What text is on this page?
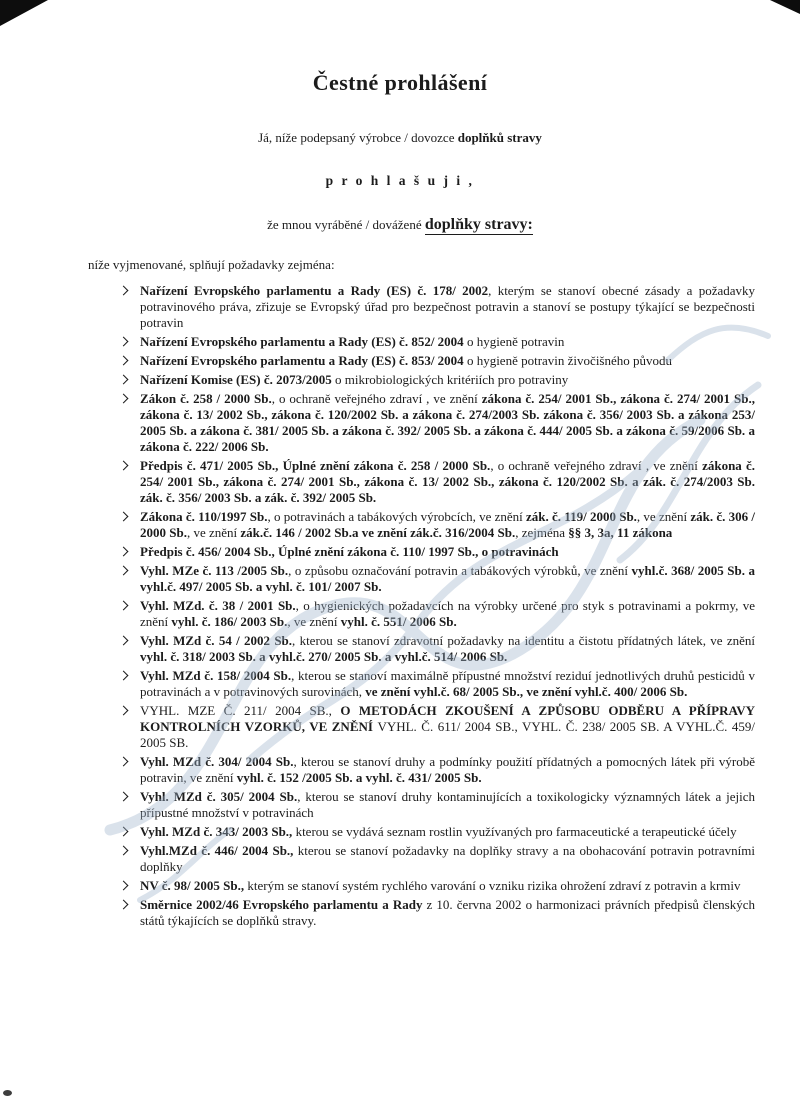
Čestné prohlášení

Já, níže podepsaný výrobce / dovozce doplňků stravy

p r o h l a š u j i ,

že mnou vyráběné / dovážené doplňky stravy:

níže vyjmenované, splňují požadavky zejména:

Nařízení Evropského parlamentu a Rady (ES) č. 178/ 2002, kterým se stanoví obecné zásady a požadavky potravinového práva, zřizuje se Evropský úřad pro bezpečnost potravin a stanoví se postupy týkající se bezpečnosti potravin
Nařízení Evropského parlamentu a Rady (ES) č. 852/ 2004 o hygieně potravin
Nařízení Evropského parlamentu a Rady (ES) č. 853/ 2004 o hygieně potravin živočišného původu
Nařízení Komise (ES) č. 2073/2005 o mikrobiologických kritériích pro potraviny
Zákon č. 258 / 2000 Sb., o ochraně veřejného zdraví , ve znění zákona č. 254/ 2001 Sb., zákona č. 274/ 2001 Sb., zákona č. 13/ 2002 Sb., zákona č. 120/2002 Sb. a zákona č. 274/2003 Sb. zákona č. 356/ 2003 Sb. a zákona 253/ 2005 Sb. a zákona č. 381/ 2005 Sb. a zákona č. 392/ 2005 Sb. a zákona č. 444/ 2005 Sb. a zákona č. 59/2006 Sb. a zákona č. 222/ 2006 Sb.
Předpis č. 471/ 2005 Sb., Úplné znění zákona č. 258 / 2000 Sb., o ochraně veřejného zdraví , ve znění zákona č. 254/ 2001 Sb., zákona č. 274/ 2001 Sb., zákona č. 13/ 2002 Sb., zákona č. 120/2002 Sb. a zák. č. 274/2003 Sb. zák. č. 356/ 2003 Sb. a zák. č. 392/ 2005 Sb.
Zákona č. 110/1997 Sb., o potravinách a tabákových výrobcích, ve znění zák. č. 119/ 2000 Sb., ve znění zák. č. 306 / 2000 Sb., ve znění zák.č. 146 / 2002 Sb.a ve znění zák.č. 316/2004 Sb., zejména §§ 3, 3a, 11 zákona
Předpis č. 456/ 2004 Sb., Úplné znění zákona č. 110/ 1997 Sb., o potravinách
Vyhl. MZe č. 113 /2005 Sb., o způsobu označování potravin a tabákových výrobků, ve znění vyhl.č. 368/ 2005 Sb. a vyhl.č. 497/ 2005 Sb. a vyhl. č. 101/ 2007 Sb.
Vyhl. MZd. č. 38 / 2001 Sb., o hygienických požadavcích na výrobky určené pro styk s potravinami a pokrmy, ve znění vyhl. č. 186/ 2003 Sb., ve znění vyhl. č. 551/ 2006 Sb.
Vyhl. MZd č. 54 / 2002 Sb., kterou se stanoví zdravotní požadavky na identitu a čistotu přídatných látek, ve znění vyhl. č. 318/ 2003 Sb. a vyhl.č. 270/ 2005 Sb. a vyhl.č. 514/ 2006 Sb.
Vyhl. MZd č. 158/ 2004 Sb., kterou se stanoví maximálně přípustné množství reziduí jednotlivých druhů pesticidů v potravinách a v potravinových surovinách, ve znění vyhl.č. 68/ 2005 Sb., ve znění vyhl.č. 400/ 2006 Sb.
VYHL. MZE Č. 211/ 2004 SB., O METODÁCH ZKOUŠENÍ A ZPŮSOBU ODBĚRU A PŘÍPRAVY KONTROLNÍCH VZORKŮ, VE ZNĚNÍ VYHL. Č. 611/ 2004 SB., VYHL. Č. 238/ 2005 SB. A VYHL.Č. 459/ 2005 SB.
Vyhl. MZd č. 304/ 2004 Sb., kterou se stanoví druhy a podmínky použití přídatných a pomocných látek při výrobě potravin, ve znění vyhl. č. 152 /2005 Sb. a vyhl. č. 431/ 2005 Sb.
Vyhl. MZd č. 305/ 2004 Sb., kterou se stanoví druhy kontaminujících a toxikologicky významných látek a jejich přípustné množství v potravinách
Vyhl. MZd č. 343/ 2003 Sb., kterou se vydává seznam rostlin využívaných pro farmaceutické a terapeutické účely
Vyhl.MZd č. 446/ 2004 Sb., kterou se stanoví požadavky na doplňky stravy a na obohacování potravin potravními doplňky
NV č. 98/ 2005 Sb., kterým se stanoví systém rychlého varování o vzniku rizika ohrožení zdraví z potravin a krmiv
Směrnice 2002/46 Evropského parlamentu a Rady z 10. června 2002 o harmonizaci právních předpisů členských států týkajících se doplňků stravy.
